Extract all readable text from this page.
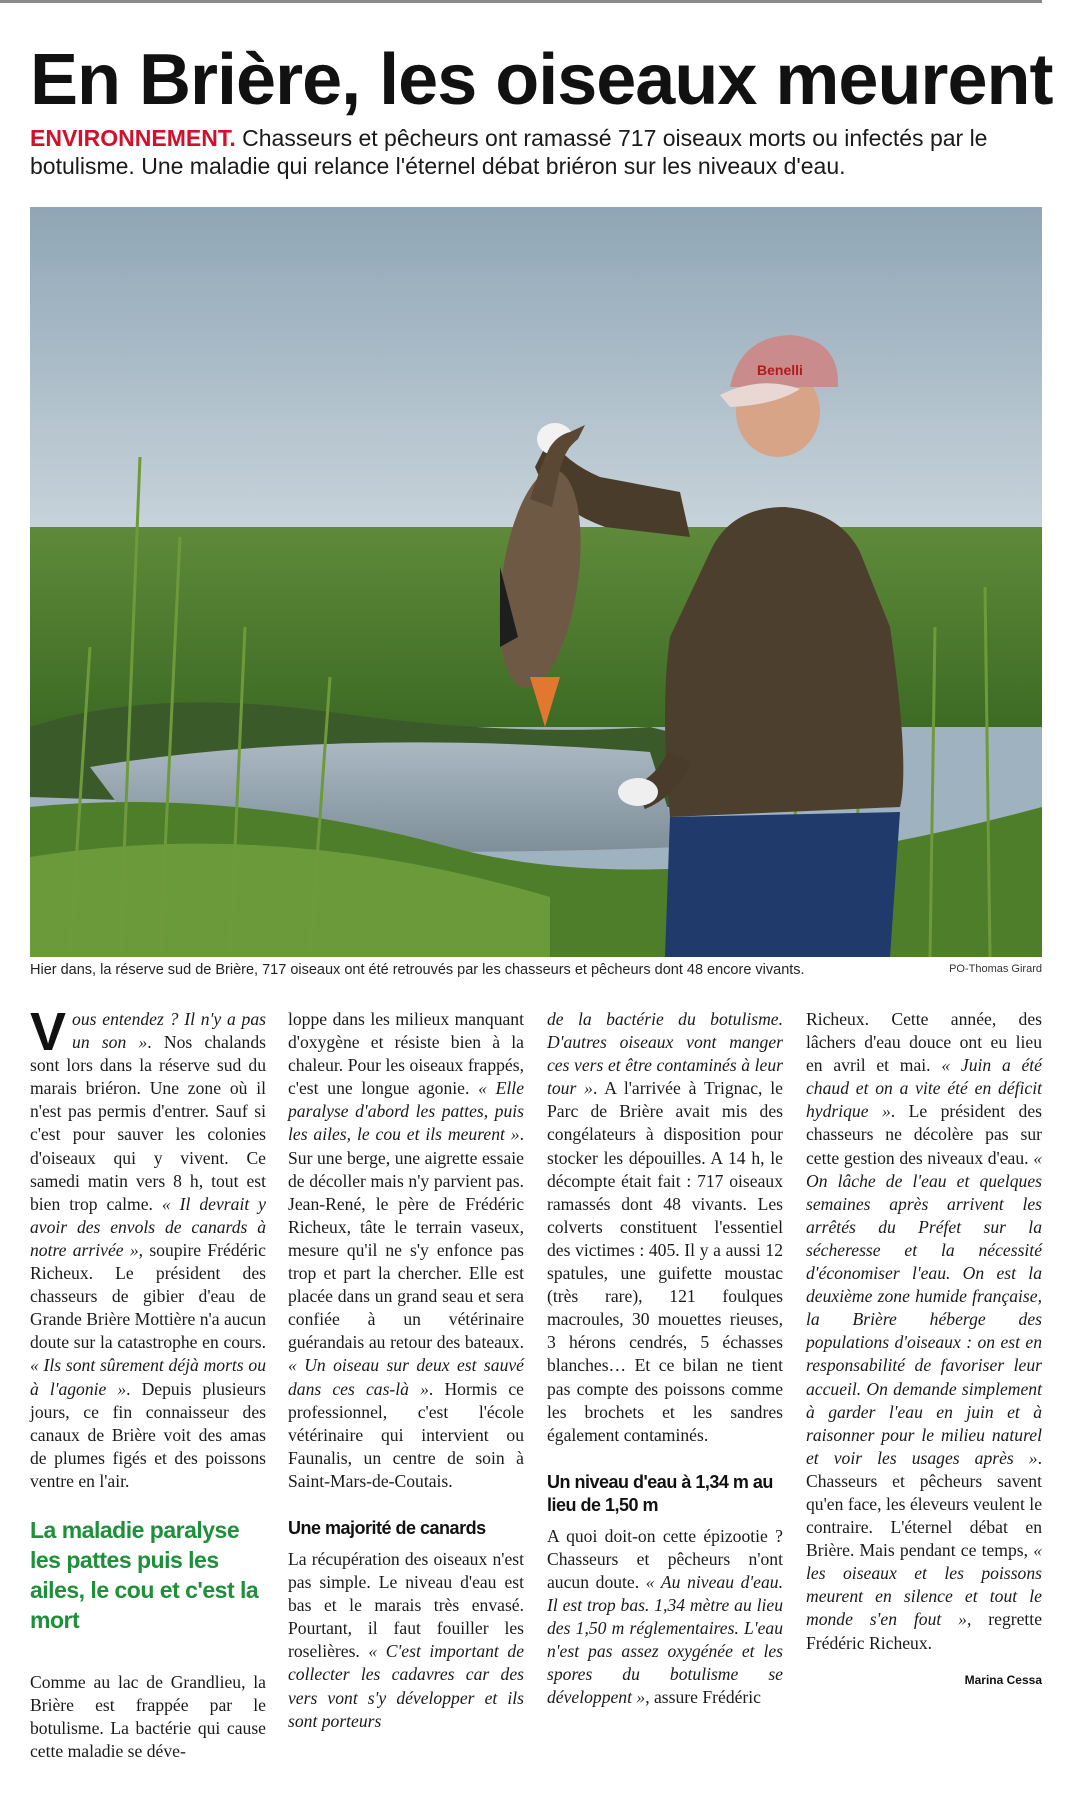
En Brière, les oiseaux meurent

ENVIRONNEMENT. Chasseurs et pêcheurs ont ramassé 717 oiseaux morts ou infectés par le botulisme. Une maladie qui relance l'éternel débat briéron sur les niveaux d'eau.

Benelli
Hier dans, la réserve sud de Brière, 717 oiseaux ont été retrouvés par les chasseurs et pêcheurs dont 48 encore vivants.	PO-Thomas Girard

Vous entendez ? Il n'y a pas un son ». Nos chalands sont lors dans la réserve sud du marais briéron. Une zone où il n'est pas permis d'entrer. Sauf si c'est pour sauver les colonies d'oiseaux qui y vivent. Ce samedi matin vers 8 h, tout est bien trop calme. « Il devrait y avoir des envols de canards à notre arrivée », soupire Frédéric Richeux. Le président des chasseurs de gibier d'eau de Grande Brière Mottière n'a aucun doute sur la catastrophe en cours. « Ils sont sûrement déjà morts ou à l'agonie ». Depuis plusieurs jours, ce fin connaisseur des canaux de Brière voit des amas de plumes figés et des poissons ventre en l'air.

La maladie paralyse les pattes puis les ailes, le cou et c'est la mort

Comme au lac de Grandlieu, la Brière est frappée par le botulisme. La bactérie qui cause cette maladie se déve-

loppe dans les milieux manquant d'oxygène et résiste bien à la chaleur. Pour les oiseaux frappés, c'est une longue agonie. « Elle paralyse d'abord les pattes, puis les ailes, le cou et ils meurent ». Sur une berge, une aigrette essaie de décoller mais n'y parvient pas. Jean-René, le père de Frédéric Richeux, tâte le terrain vaseux, mesure qu'il ne s'y enfonce pas trop et part la chercher. Elle est placée dans un grand seau et sera confiée à un vétérinaire guérandais au retour des bateaux. « Un oiseau sur deux est sauvé dans ces cas-là ». Hormis ce professionnel, c'est l'école vétérinaire qui intervient ou Faunalis, un centre de soin à Saint-Mars-de-Coutais.

Une majorité de canards

La récupération des oiseaux n'est pas simple. Le niveau d'eau est bas et le marais très envasé. Pourtant, il faut fouiller les roselières. « C'est important de collecter les cadavres car des vers vont s'y développer et ils sont porteurs

de la bactérie du botulisme. D'autres oiseaux vont manger ces vers et être contaminés à leur tour ». A l'arrivée à Trignac, le Parc de Brière avait mis des congélateurs à disposition pour stocker les dépouilles. A 14 h, le décompte était fait : 717 oiseaux ramassés dont 48 vivants. Les colverts constituent l'essentiel des victimes : 405. Il y a aussi 12 spatules, une guifette moustac (très rare), 121 foulques macroules, 30 mouettes rieuses, 3 hérons cendrés, 5 échasses blanches… Et ce bilan ne tient pas compte des poissons comme les brochets et les sandres également contaminés.

Un niveau d'eau à 1,34 m au lieu de 1,50 m

A quoi doit-on cette épizootie ? Chasseurs et pêcheurs n'ont aucun doute. « Au niveau d'eau. Il est trop bas. 1,34 mètre au lieu des 1,50 m réglementaires. L'eau n'est pas assez oxygénée et les spores du botulisme se développent », assure Frédéric

Richeux. Cette année, des lâchers d'eau douce ont eu lieu en avril et mai. « Juin a été chaud et on a vite été en déficit hydrique ». Le président des chasseurs ne décolère pas sur cette gestion des niveaux d'eau. « On lâche de l'eau et quelques semaines après arrivent les arrêtés du Préfet sur la sécheresse et la nécessité d'économiser l'eau. On est la deuxième zone humide française, la Brière héberge des populations d'oiseaux : on est en responsabilité de favoriser leur accueil. On demande simplement à garder l'eau en juin et à raisonner pour le milieu naturel et voir les usages après ». Chasseurs et pêcheurs savent qu'en face, les éleveurs veulent le contraire. L'éternel débat en Brière. Mais pendant ce temps, « les oiseaux et les poissons meurent en silence et tout le monde s'en fout », regrette Frédéric Richeux.

Marina Cessa
